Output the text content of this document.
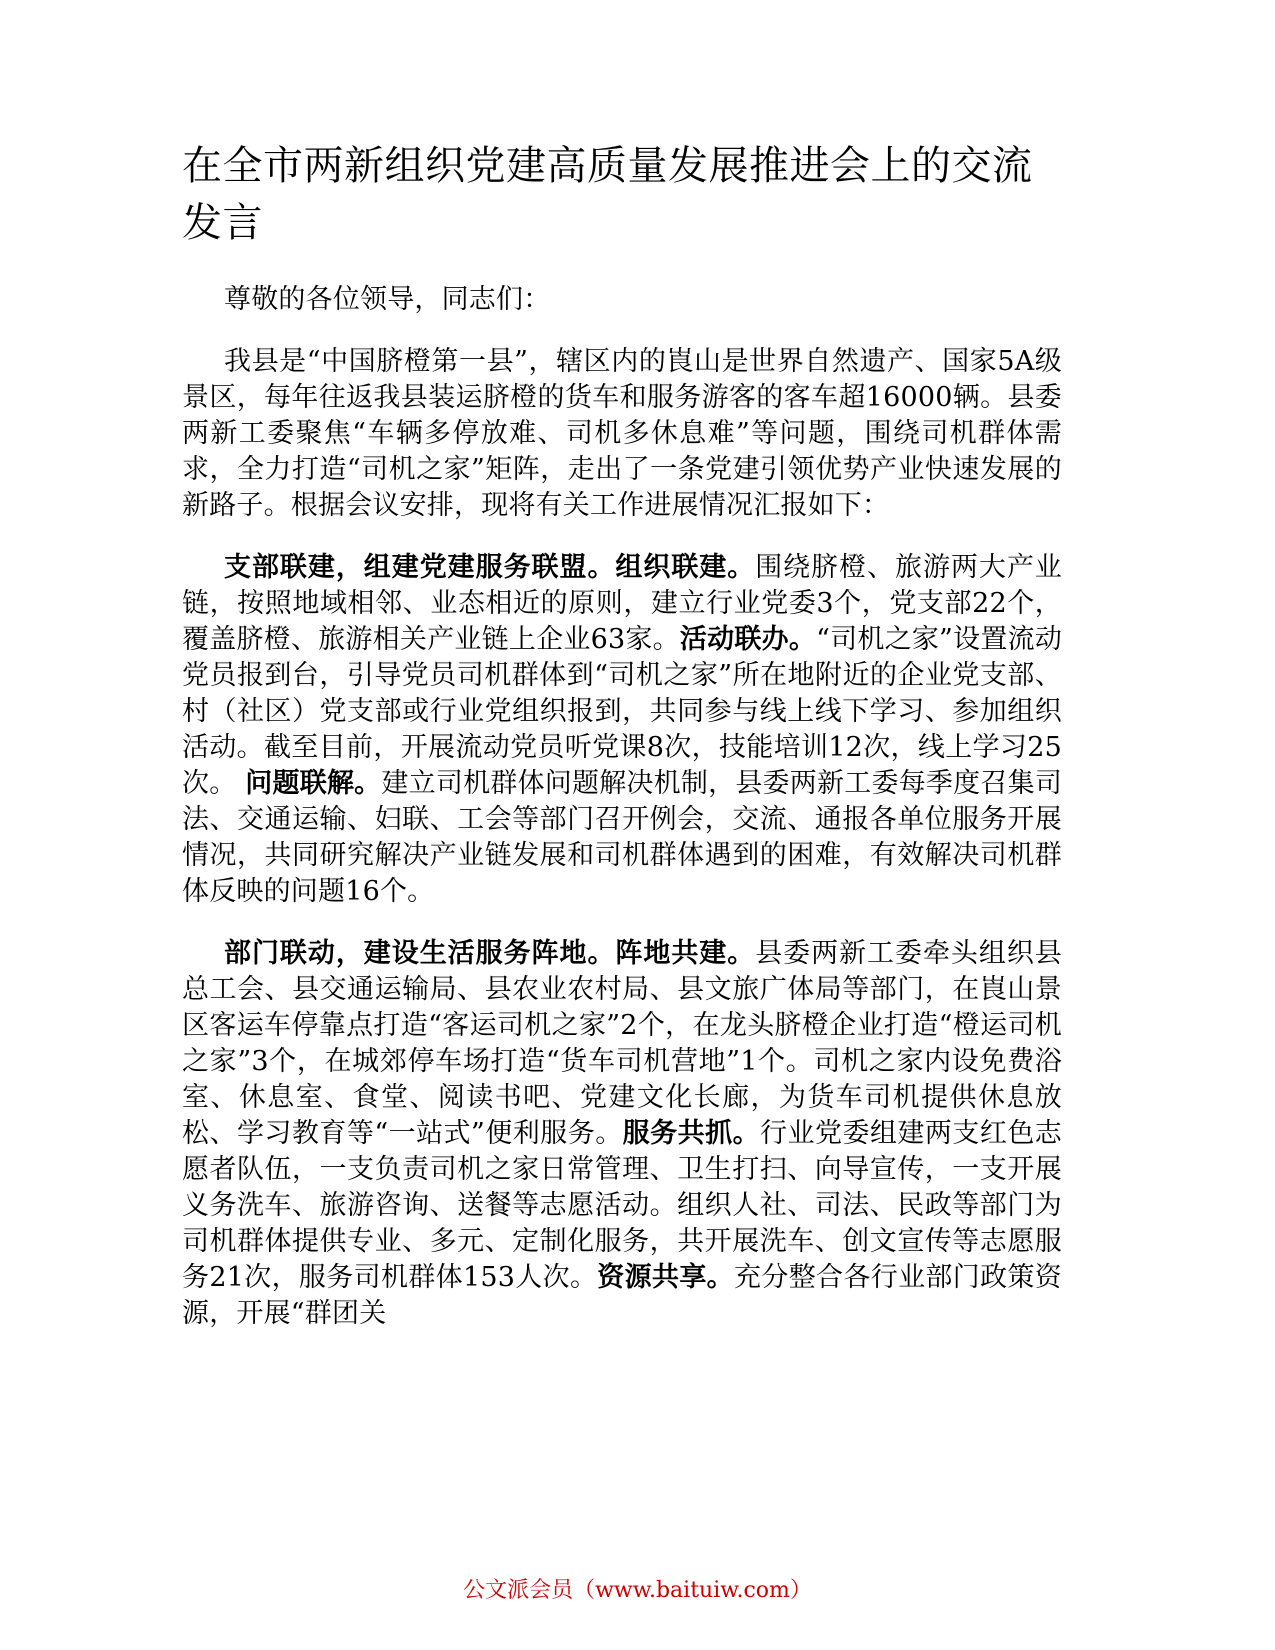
在全市两新组织党建高质量发展推进会上的交流发言

尊敬的各位领导，同志们：

我县是“中国脐橙第一县”，辖区内的崀山是世界自然遗产、国家5A级景区，每年往返我县装运脐橙的货车和服务游客的客车超16000辆。县委两新工委聚焦“车辆多停放难、司机多休息难”等问题，围绕司机群体需求，全力打造“司机之家”矩阵，走出了一条党建引领优势产业快速发展的新路子。根据会议安排，现将有关工作进展情况汇报如下：

支部联建，组建党建服务联盟。组织联建。围绕脐橙、旅游两大产业链，按照地域相邻、业态相近的原则，建立行业党委3个，党支部22个，覆盖脐橙、旅游相关产业链上企业63家。活动联办。“司机之家”设置流动党员报到台，引导党员司机群体到“司机之家”所在地附近的企业党支部、村（社区）党支部或行业党组织报到，共同参与线上线下学习、参加组织活动。截至目前，开展流动党员听党课8次，技能培训12次，线上学习25次。 问题联解。建立司机群体问题解决机制，县委两新工委每季度召集司法、交通运输、妇联、工会等部门召开例会，交流、通报各单位服务开展情况，共同研究解决产业链发展和司机群体遇到的困难，有效解决司机群体反映的问题16个。

部门联动，建设生活服务阵地。阵地共建。县委两新工委牵头组织县总工会、县交通运输局、县农业农村局、县文旅广体局等部门，在崀山景区客运车停靠点打造“客运司机之家”2个，在龙头脐橙企业打造“橙运司机之家”3个，在城郊停车场打造“货车司机营地”1个。司机之家内设免费浴室、休息室、食堂、阅读书吧、党建文化长廊，为货车司机提供休息放松、学习教育等“一站式”便利服务。服务共抓。行业党委组建两支红色志愿者队伍，一支负责司机之家日常管理、卫生打扫、向导宣传，一支开展义务洗车、旅游咨询、送餐等志愿活动。组织人社、司法、民政等部门为司机群体提供专业、多元、定制化服务，共开展洗车、创文宣传等志愿服务21次，服务司机群体153人次。资源共享。充分整合各行业部门政策资源，开展“群团关

公文派会员（www.baituiw.com）
